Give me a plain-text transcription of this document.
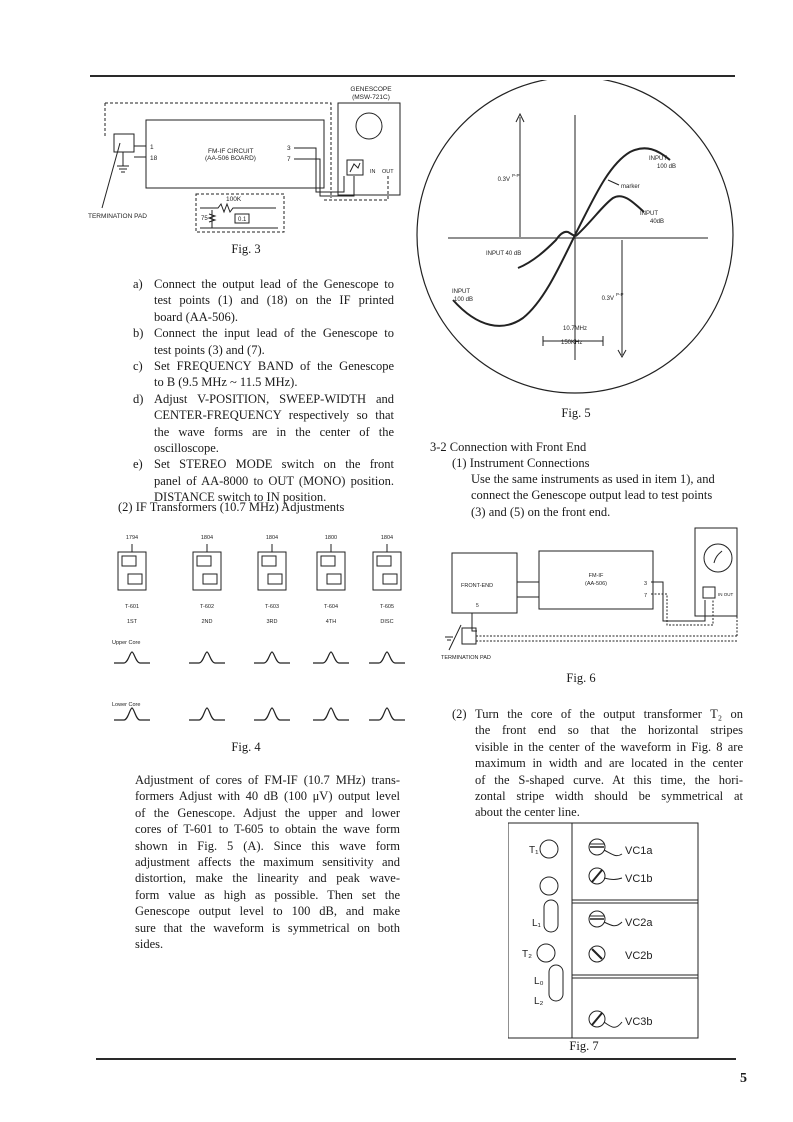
5
GENESCOPE
(MSW-721C)
IN OUT
FM-IF CIRCUIT
(AA-506 BOARD)
1
18
3
7
TERMINATION PAD
100K
75	0.1
Fig. 3
a) Connect the output lead of the Genescope to
test points (1) and (18) on the IF printed
board (AA-506).
b) Connect the input lead of the Genescope to
test points (3) and (7).
c) Set FREQUENCY BAND of the Genescope
to B (9.5 MHz ~ 11.5 MHz).
d) Adjust V-POSITION, SWEEP-WIDTH and
CENTER-FREQUENCY respectively so that
the wave forms are in the center of the
oscilloscope.
e) Set STEREO MODE switch on the front
panel of AA-8000 to OUT (MONO) position.
DISTANCE switch to IN position.
(2) IF Transformers (10.7 MHz) Adjustments
1794
T-601
1ST
1804
T-602
2ND
1804
T-603
3RD
1800
T-604
4TH
1804
T-605
DISC
Upper Core
Lower Core
Fig. 4
Adjustment of cores of FM-IF (10.7 MHz) trans-
formers Adjust with 40 dB (100 μV) output level
of the Genescope. Adjust the upper and lower
cores of T-601 to T-605 to obtain the wave form
shown in Fig. 5 (A). Since this wave form
adjustment affects the maximum sensitivity and
distortion, make the linearity and peak wave-
form value as high as possible. Then set the
Genescope output level to 100 dB, and make
sure that the waveform is symmetrical on both
sides.
0.3V
P-P
0.3V
P-P
INPUT
100 dB
marker
INPUT
40dB
INPUT 40 dB
INPUT
100 dB
10.7MHz
150KHz
Fig. 5
3-2 Connection with Front End
(1) Instrument Connections
Use the same instruments as used in item 1), and
connect the Genescope output lead to test points
(3) and (5) on the front end.
FRONT-END
FM-IF
(AA-506)	3
7
5
IN OUT
TERMINATION PAD
Fig. 6
(2) Turn the core of the output transformer T₂ on
the front end so that the horizontal stripes
visible in the center of the waveform in Fig. 8 are
maximum in width and are located in the center
of the S-shaped curve. At this time, the hori-
zontal stripe width should be symmetrical at
about the center line.
T₁
L₁
T₂
L₀
L₂
VC1a
VC1b
VC2a
VC2b
VC3b
Fig. 7
